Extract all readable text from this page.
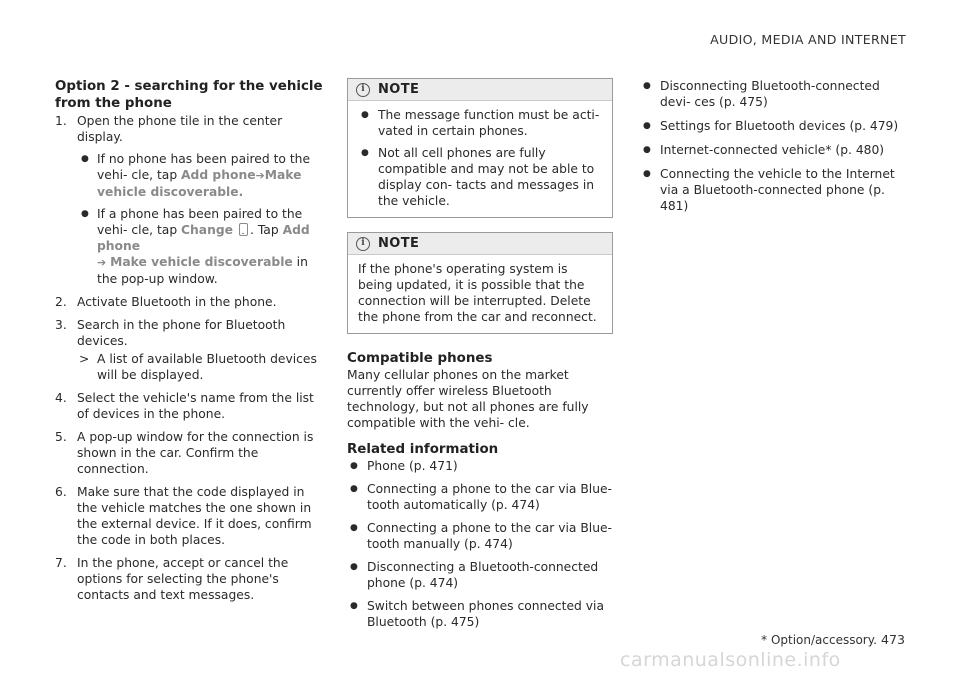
AUDIO, MEDIA AND INTERNET
Option 2 - searching for the vehicle from the phone
1. Open the phone tile in the center display.
● If no phone has been paired to the vehi- cle, tap Add phone➔Make vehicle discoverable.
● If a phone has been paired to the vehi- cle, tap Change . Tap Add phone
➔ Make vehicle discoverable in the pop-up window.
2. Activate Bluetooth in the phone.
3. Search in the phone for Bluetooth devices.
> A list of available Bluetooth devices will be displayed.
4. Select the vehicle's name from the list of devices in the phone.
5. A pop-up window for the connection is shown in the car. Confirm the connection.
6. Make sure that the code displayed in the vehicle matches the one shown in the external device. If it does, confirm the code in both places.
7. In the phone, accept or cancel the options for selecting the phone's contacts and text messages.
i	NOTE
● The message function must be acti- vated in certain phones.
● Not all cell phones are fully compatible and may not be able to display con- tacts and messages in the vehicle.
i	NOTE
If the phone's operating system is being updated, it is possible that the connection will be interrupted. Delete the phone from the car and reconnect.
Compatible phones

Many cellular phones on the market currently offer wireless Bluetooth technology, but not all phones are fully compatible with the vehi- cle.

Related information
● Phone (p. 471)
● Connecting a phone to the car via Blue- tooth automatically (p. 474)
● Connecting a phone to the car via Blue- tooth manually (p. 474)
● Disconnecting a Bluetooth-connected phone (p. 474)
● Switch between phones connected via Bluetooth (p. 475)
● Disconnecting Bluetooth-connected devi- ces (p. 475)
● Settings for Bluetooth devices (p. 479)
● Internet-connected vehicle* (p. 480)
● Connecting the vehicle to the Internet via a Bluetooth-connected phone (p. 481)
* Option/accessory. 473
carmanualsonline.info
